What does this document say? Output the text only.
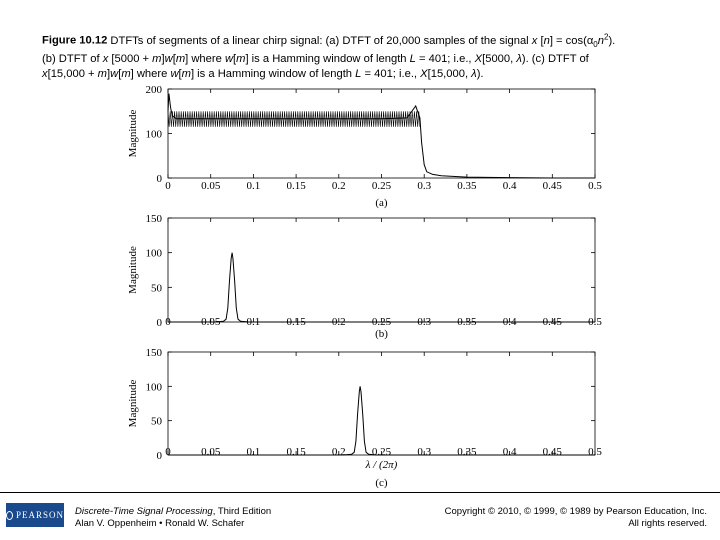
Figure 10.12 DTFTs of segments of a linear chirp signal: (a) DTFT of 20,000 samples of the signal x $[n] = \cos(\alpha_0n^2)$.
(b) DTFT of x [5000 + m]w[m] where w[m] is a Hamming window of length L = 401; i.e., X[5000, λ). (c) DTFT of
x[15,000 + m]w[m] where w[m] is a Hamming window of length L = 401; i.e., X[15,000, λ).
0	0.05 0.1 0.15 0.2 0.25 0.3 0.35 0.4 0.45 0.5
0
100
200
Magnitude
(a)
0	0.05 0.1 0.15 0.2 0.25 0.3 0.35 0.4 0.45 0.5
0
50
100
150
Magnitude
(b)
0	0.05 0.1 0.15 0.2 0.25 0.3 0.35 0.4 0.45 0.5
0
50
100
150
Magnitude
λ / (2π)
(c)
PEARSON Discrete-Time Signal Processing, Third Edition
Alan V. Oppenheim • Ronald W. Schafer
Copyright © 2010, © 1999, © 1989 by Pearson Education, Inc.
All rights reserved.
